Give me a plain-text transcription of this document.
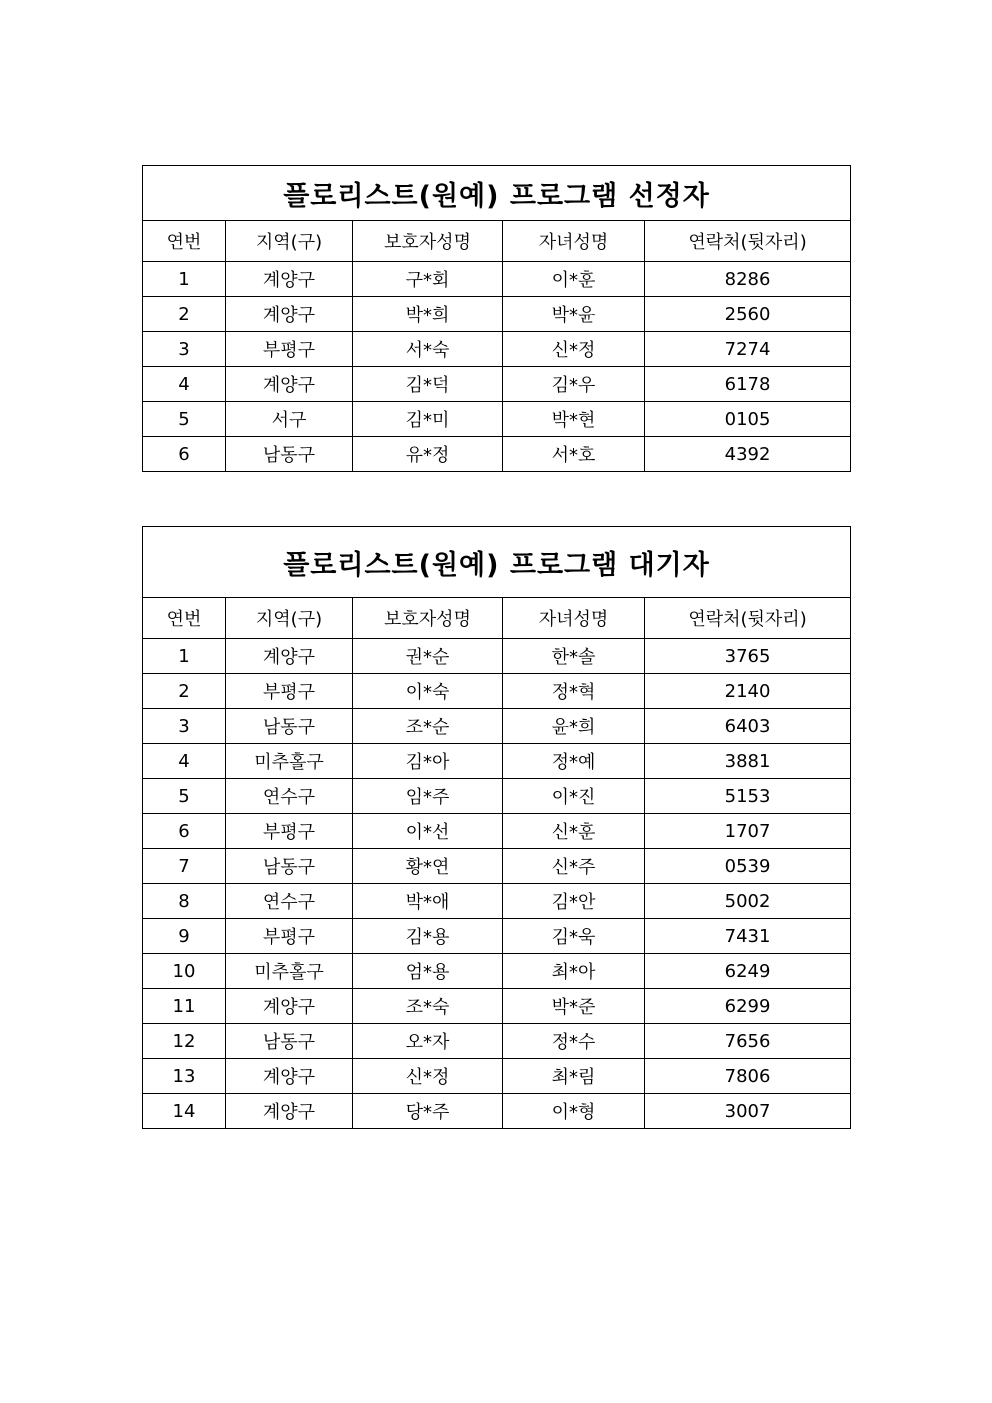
플로리스트(원예) 프로그램 선정자				
연번	지역(구)	보호자성명	자녀성명	연락처(뒷자리)
1	계양구	구*회	이*훈	8286
2	계양구	박*희	박*윤	2560
3	부평구	서*숙	신*정	7274
4	계양구	김*덕	김*우	6178
5	서구	김*미	박*현	0105
6	남동구	유*정	서*호	4392
플로리스트(원예) 프로그램 대기자				
연번	지역(구)	보호자성명	자녀성명	연락처(뒷자리)
1	계양구	권*순	한*솔	3765
2	부평구	이*숙	정*혁	2140
3	남동구	조*순	윤*희	6403
4	미추홀구	김*아	정*예	3881
5	연수구	임*주	이*진	5153
6	부평구	이*선	신*훈	1707
7	남동구	황*연	신*주	0539
8	연수구	박*애	김*안	5002
9	부평구	김*용	김*욱	7431
10	미추홀구	엄*용	최*아	6249
11	계양구	조*숙	박*준	6299
12	남동구	오*자	정*수	7656
13	계양구	신*정	최*림	7806
14	계양구	당*주	이*형	3007
